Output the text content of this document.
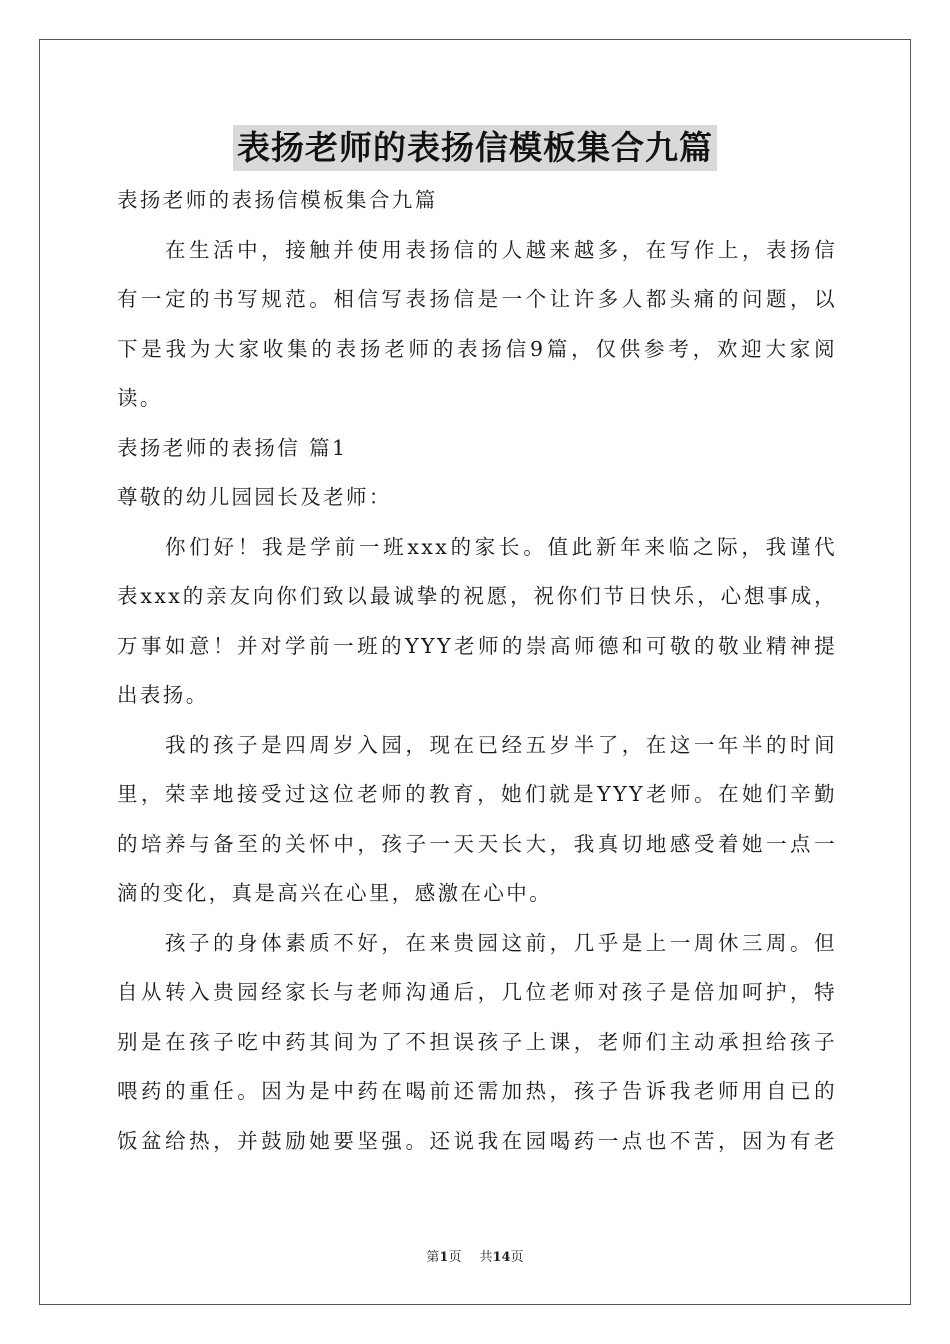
表扬老师的表扬信模板集合九篇
表扬老师的表扬信模板集合九篇
在生活中，接触并使用表扬信的人越来越多，在写作上，表扬信
有一定的书写规范。相信写表扬信是一个让许多人都头痛的问题，以
下是我为大家收集的表扬老师的表扬信9篇，仅供参考，欢迎大家阅
读。
表扬老师的表扬信 篇1
尊敬的幼儿园园长及老师：
你们好！我是学前一班xxx的家长。值此新年来临之际，我谨代
表xxx的亲友向你们致以最诚挚的祝愿，祝你们节日快乐，心想事成，
万事如意！并对学前一班的YYY老师的崇高师德和可敬的敬业精神提
出表扬。
我的孩子是四周岁入园，现在已经五岁半了，在这一年半的时间
里，荣幸地接受过这位老师的教育，她们就是YYY老师。在她们辛勤
的培养与备至的关怀中，孩子一天天长大，我真切地感受着她一点一
滴的变化，真是高兴在心里，感激在心中。
孩子的身体素质不好，在来贵园这前，几乎是上一周休三周。但
自从转入贵园经家长与老师沟通后，几位老师对孩子是倍加呵护，特
别是在孩子吃中药其间为了不担误孩子上课，老师们主动承担给孩子
喂药的重任。因为是中药在喝前还需加热，孩子告诉我老师用自已的
饭盆给热，并鼓励她要坚强。还说我在园喝药一点也不苦，因为有老
第1页 共14页
